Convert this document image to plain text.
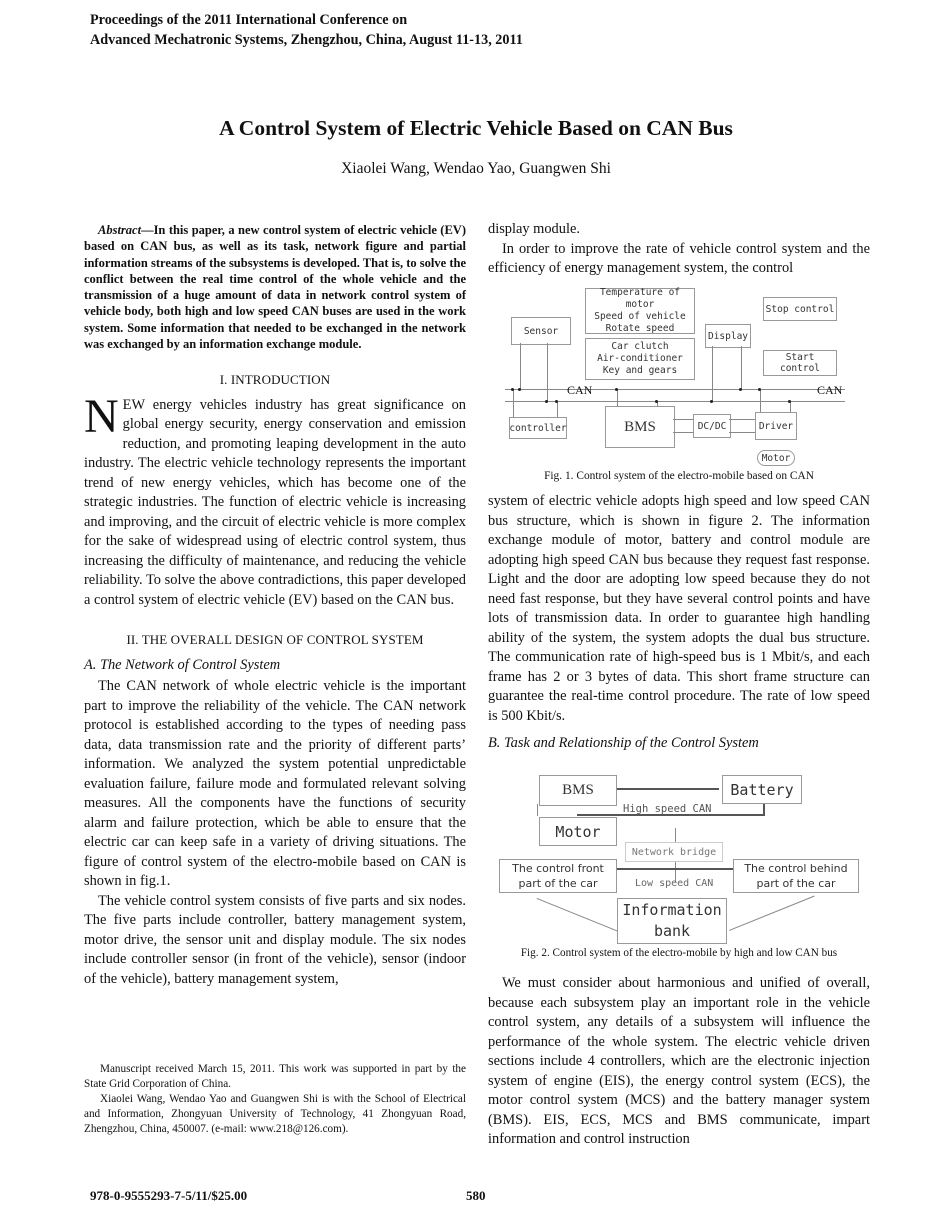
Proceedings of the 2011 International Conference on
Advanced Mechatronic Systems, Zhengzhou, China, August 11-13, 2011
A Control System of Electric Vehicle Based on CAN Bus
Xiaolei Wang, Wendao Yao, Guangwen Shi
Abstract—In this paper, a new control system of electric vehicle (EV) based on CAN bus, as well as its task, network figure and partial information streams of the subsystems is developed. That is, to solve the conflict between the real time control of the whole vehicle and the transmission of a huge amount of data in network control system of vehicle body, both high and low speed CAN buses are used in the work system. Some information that needed to be exchanged in the network was exchanged by an information exchange module.
I. INTRODUCTION

NEW energy vehicles industry has great significance on global energy security, energy conservation and emission reduction, and promoting leaping development in the auto industry. The electric vehicle technology represents the important trend of new energy vehicles, which has become one of the strategic industries. The function of electric vehicle is increasing and improving, and the circuit of electric vehicle is more complex for the sake of widespread using of electric control system, thus increasing the difficulty of maintenance, and reducing the vehicle reliability. To solve the above contradictions, this paper developed a control system of electric vehicle (EV) based on the CAN bus.

II. THE OVERALL DESIGN OF CONTROL SYSTEM
A. The Network of Control System

The CAN network of whole electric vehicle is the important part to improve the reliability of the vehicle. The CAN network protocol is established according to the types of needing pass data, data transmission rate and the priority of different parts’ information. We analyzed the system potential unpredictable evaluation failure, failure mode and formulated relevant solving measures. All the components have the functions of security alarm and failure protection, which be able to ensure that the electric car can keep safe in a variety of driving situations. The figure of control system of the electro-mobile based on CAN is shown in fig.1.

The vehicle control system consists of five parts and six nodes. The five parts include controller, battery management system, motor drive, the sensor unit and display module. The six nodes include controller sensor (in front of the vehicle), sensor (indoor of the vehicle), battery management system,

Manuscript received March 15, 2011. This work was supported in part by the State Grid Corporation of China.

Xiaolei Wang, Wendao Yao and Guangwen Shi is with the School of Electrical and Information, Zhongyuan University of Technology, 41 Zhongyuan Road, Zhengzhou, China, 450007. (e-mail: www.218@126.com).

display module.

In order to improve the rate of vehicle control system and the efficiency of energy management system, the control

Sensor
Temperature of motor
Speed of vehicle
Rotate speed
Car clutch
Air-conditioner
Key and gears
Display
Stop control
Start control
CAN	CAN
controller	BMS	DC/DC	Driver
Motor
Fig. 1. Control system of the electro-mobile based on CAN

system of electric vehicle adopts high speed and low speed CAN bus structure, which is shown in figure 2. The information exchange module of motor, battery and control module are adopting high speed CAN bus because they request fast response. Light and the door are adopting low speed because they do not need fast response, but they have several control points and have lots of transmission data. In order to guarantee high handling ability of the system, the system adopts the dual bus structure. The communication rate of high-speed bus is 1 Mbit/s, and each frame has 2 or 3 bytes of data. This short frame structure can guarantee the real-time control procedure. The rate of low speed is 500 Kbit/s.

B. Task and Relationship of the Control System
BMS	Battery
High speed CAN
Motor
Network bridge
The control front part of the car
The control behind part of the car
Low speed CAN
Information bank
Fig. 2. Control system of the electro-mobile by high and low CAN bus

We must consider about harmonious and unified of overall, because each subsystem play an important role in the vehicle control system, any details of a subsystem will influence the performance of the whole system. The electric vehicle driven sections include 4 controllers, which are the electronic injection system of engine (EIS), the energy control system (ECS), the motor control system (MCS) and the battery manager system (BMS). EIS, ECS, MCS and BMS communicate, impart information and control instruction

978-0-9555293-7-5/11/$25.00	580
